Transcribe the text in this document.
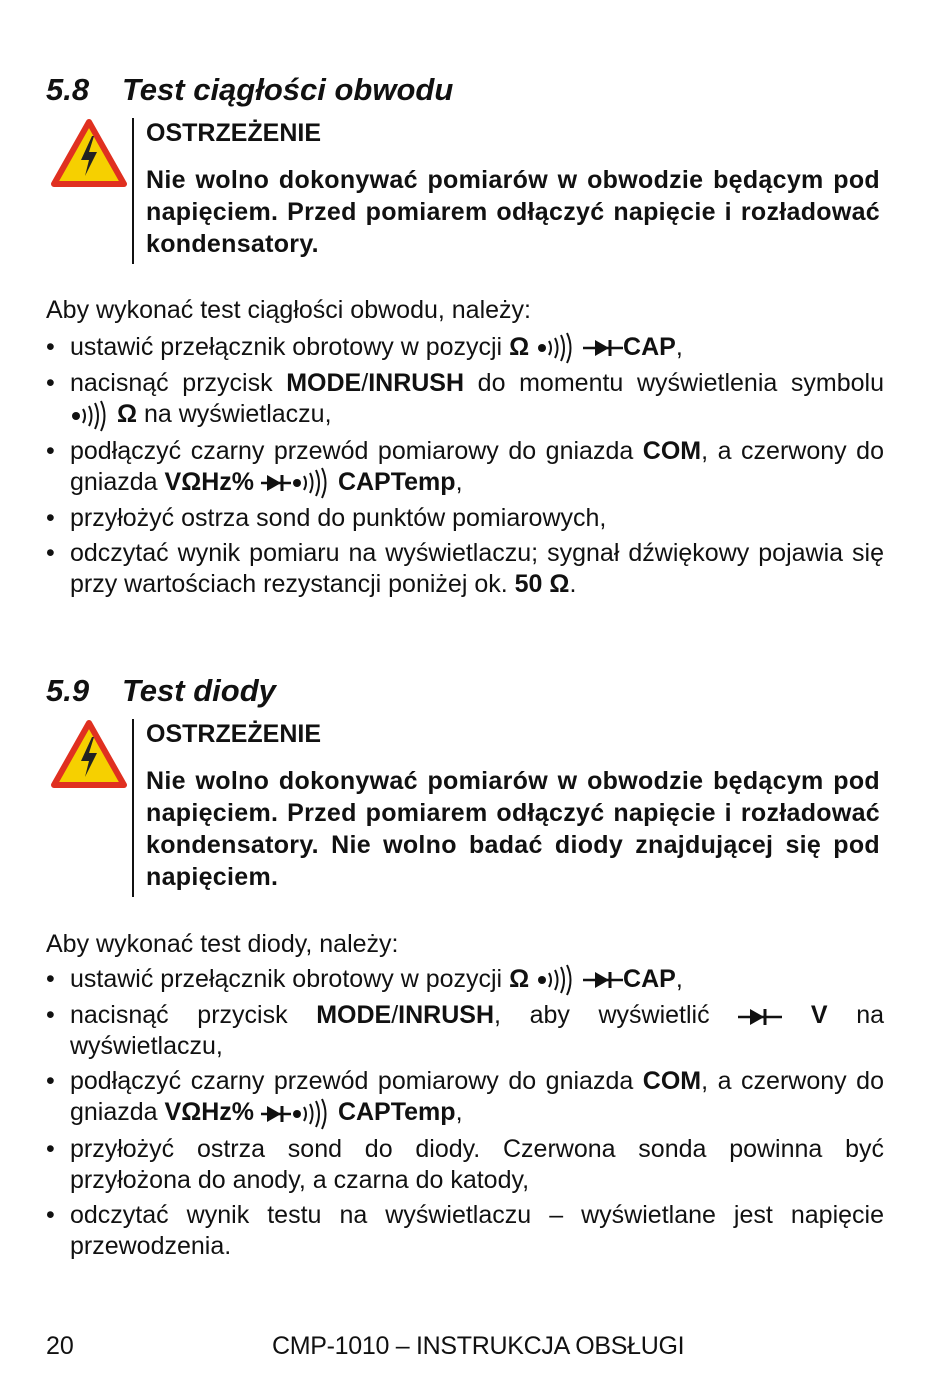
5.8 Test ciągłości obwodu

OSTRZEŻENIE

Nie wolno dokonywać pomiarów w obwodzie będącym pod napięciem. Przed pomiarem odłączyć napięcie i rozładować kondensatory.

Aby wykonać test ciągłości obwodu, należy:

• ustawić przełącznik obrotowy w pozycji Ω	CAP,
• nacisnąć przycisk MODE/INRUSH do momentu wyświetlenia symbolu  Ω na wyświetlaczu,
• podłączyć czarny przewód pomiarowy do gniazda COM, a czerwony do gniazda VΩHz%	CAPTemp,
• przyłożyć ostrza sond do punktów pomiarowych,
• odczytać wynik pomiaru na wyświetlaczu; sygnał dźwiękowy pojawia się przy wartościach rezystancji poniżej ok. 50 Ω.
5.9 Test diody

OSTRZEŻENIE

Nie wolno dokonywać pomiarów w obwodzie będącym pod napięciem. Przed pomiarem odłączyć napięcie i rozładować kondensatory. Nie wolno badać diody znajdującej się pod napięciem.

Aby wykonać test diody, należy:

• ustawić przełącznik obrotowy w pozycji Ω	CAP,
• nacisnąć przycisk MODE/INRUSH, aby wyświetlić	V na wyświetlaczu,
• podłączyć czarny przewód pomiarowy do gniazda COM, a czerwony do gniazda VΩHz%	CAPTemp,
• przyłożyć ostrza sond do diody. Czerwona sonda powinna być przyłożona do anody, a czarna do katody,
• odczytać wynik testu na wyświetlaczu – wyświetlane jest napięcie przewodzenia.
20	CMP-1010 – INSTRUKCJA OBSŁUGI
